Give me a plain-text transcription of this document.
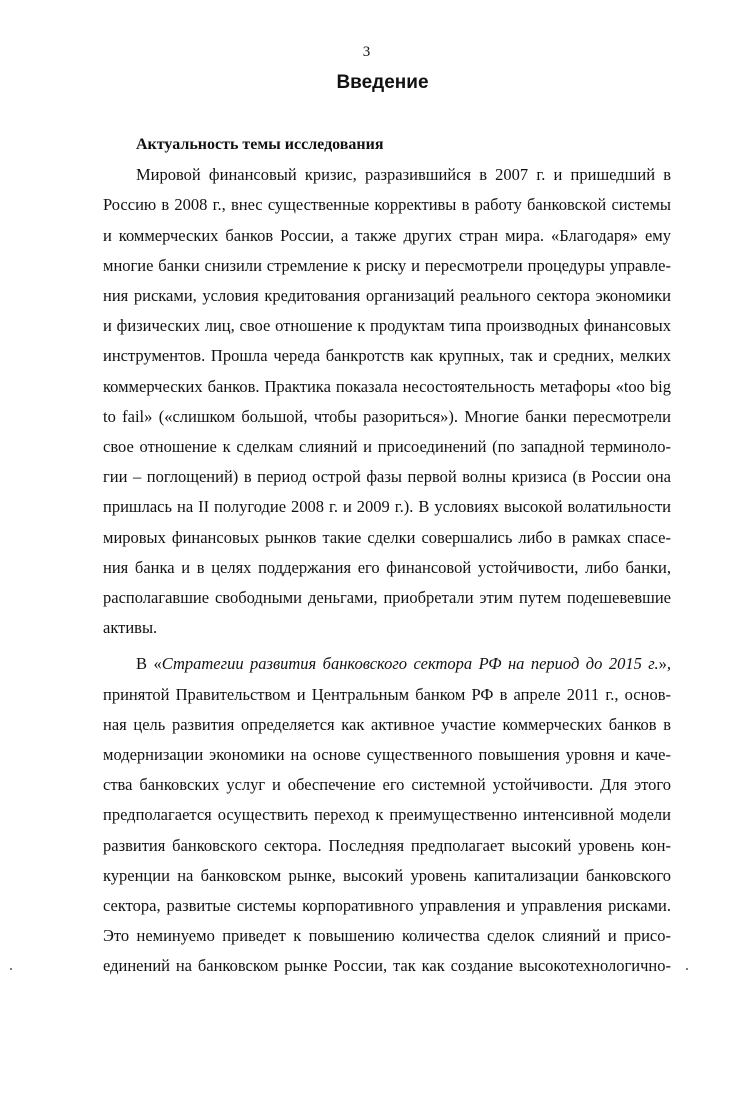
3
Введение

Актуальность темы исследования

Мировой финансовый кризис, разразившийся в 2007 г. и пришедший в
Россию в 2008 г., внес существенные коррективы в работу банковской системы
и коммерческих банков России, а также других стран мира. «Благодаря» ему
многие банки снизили стремление к риску и пересмотрели процедуры управле-
ния рисками, условия кредитования организаций реального сектора экономики
и физических лиц, свое отношение к продуктам типа производных финансовых
инструментов. Прошла череда банкротств как крупных, так и средних, мелких
коммерческих банков. Практика показала несостоятельность метафоры «too big
to fail» («слишком большой, чтобы разориться»). Многие банки пересмотрели
свое отношение к сделкам слияний и присоединений (по западной терминоло-
гии – поглощений) в период острой фазы первой волны кризиса (в России она
пришлась на II полугодие 2008 г. и 2009 г.). В условиях высокой волатильности
мировых финансовых рынков такие сделки совершались либо в рамках спасе-
ния банка и в целях поддержания его финансовой устойчивости, либо банки,
располагавшие свободными деньгами, приобретали этим путем подешевевшие
активы.

В «Стратегии развития банковского сектора РФ на период до 2015 г.»,
принятой Правительством и Центральным банком РФ в апреле 2011 г., основ-
ная цель развития определяется как активное участие коммерческих банков в
модернизации экономики на основе существенного повышения уровня и каче-
ства банковских услуг и обеспечение его системной устойчивости. Для этого
предполагается осуществить переход к преимущественно интенсивной модели
развития банковского сектора. Последняя предполагает высокий уровень кон-
куренции на банковском рынке, высокий уровень капитализации банковского
сектора, развитые системы корпоративного управления и управления рисками.
Это неминуемо приведет к повышению количества сделок слияний и присо-
единений на банковском рынке России, так как создание высокотехнологично-
